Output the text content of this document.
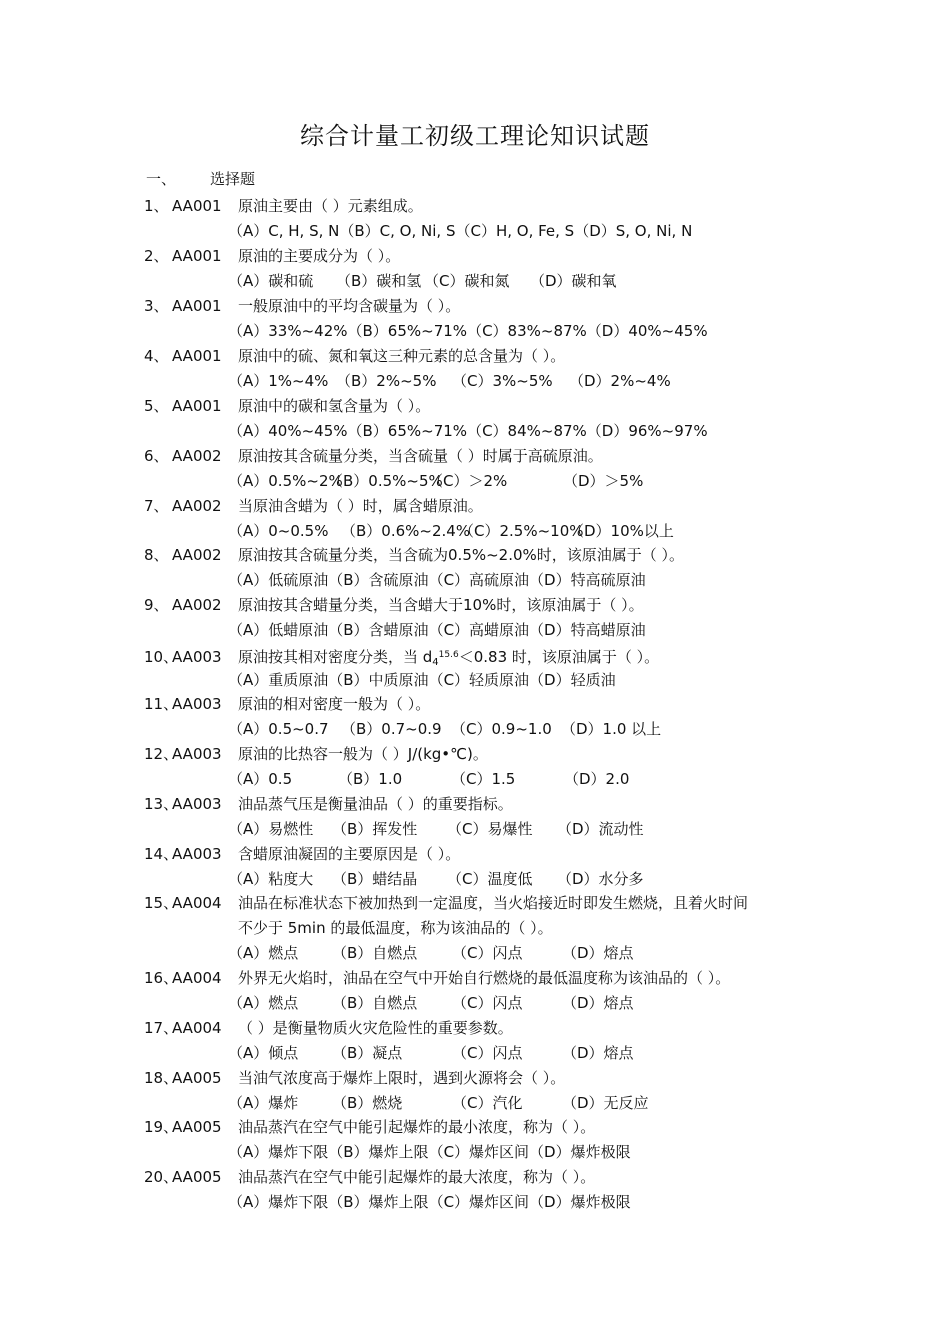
综合计量工初级工理论知识试题
一、 选择题
1、 AA001 原油主要由（ ）元素组成。
（A）C, H, S, N（B）C, O, Ni, S（C）H, O, Fe, S（D）S, O, Ni, N
2、 AA001 原油的主要成分为（ ）。
（A）碳和硫 （B）碳和氢 （C）碳和氮 （D）碳和氧
3、 AA001 一般原油中的平均含碳量为（ ）。
（A）33%~42%（B）65%~71%（C）83%~87%（D）40%~45%
4、 AA001 原油中的硫、氮和氧这三种元素的总含量为（ ）。
（A）1%~4% （B）2%~5% （C）3%~5% （D）2%~4%
5、 AA001 原油中的碳和氢含量为（ ）。
（A）40%~45%（B）65%~71%（C）84%~87%（D）96%~97%
6、 AA002 原油按其含硫量分类，当含硫量（ ）时属于高硫原油。
（A）0.5%~2%（B）0.5%~5%（C）＞2%	（D）＞5%
7、 AA002 当原油含蜡为（ ）时，属含蜡原油。
（A）0~0.5% （B）0.6%~2.4%（C）2.5%~10%（D）10%以上
8、 AA002 原油按其含硫量分类，当含硫为0.5%~2.0%时，该原油属于（ ）。
（A）低硫原油（B）含硫原油（C）高硫原油（D）特高硫原油
9、 AA002 原油按其含蜡量分类，当含蜡大于10%时，该原油属于（ ）。
（A）低蜡原油（B）含蜡原油（C）高蜡原油（D）特高蜡原油
10、AA003 原油按其相对密度分类，当 $d_4^{15.6}<0.83$ 时，该原油属于（ ）。
（A）重质原油（B）中质原油（C）轻质原油（D）轻质油
11、AA003 原油的相对密度一般为（ ）。
（A）0.5~0.7 （B）0.7~0.9 （C）0.9~1.0 （D）1.0 以上
12、AA003 原油的比热容一般为（ ）J/(kg•℃)。
（A）0.5	（B）1.0	（C）1.5	（D）2.0
13、AA003 油品蒸气压是衡量油品（ ）的重要指标。
（A）易燃性 （B）挥发性 （C）易爆性 （D）流动性
14、AA003 含蜡原油凝固的主要原因是（ ）。
（A）粘度大 （B）蜡结晶 （C）温度低 （D）水分多
15、AA004 油品在标准状态下被加热到一定温度，当火焰接近时即发生燃烧，且着火时间
不少于 5min 的最低温度，称为该油品的（ ）。
（A）燃点 （B）自燃点 （C）闪点	（D）熔点
16、AA004 外界无火焰时，油品在空气中开始自行燃烧的最低温度称为该油品的（ ）。
（A）燃点 （B）自燃点 （C）闪点	（D）熔点
17、AA004 （ ）是衡量物质火灾危险性的重要参数。
（A）倾点 （B）凝点	（C）闪点	（D）熔点
18、AA005 当油气浓度高于爆炸上限时，遇到火源将会（ ）。
（A）爆炸 （B）燃烧	（C）汽化	（D）无反应
19、AA005 油品蒸汽在空气中能引起爆炸的最小浓度，称为（ ）。
（A）爆炸下限（B）爆炸上限（C）爆炸区间（D）爆炸极限
20、AA005 油品蒸汽在空气中能引起爆炸的最大浓度，称为（ ）。
（A）爆炸下限（B）爆炸上限（C）爆炸区间（D）爆炸极限
